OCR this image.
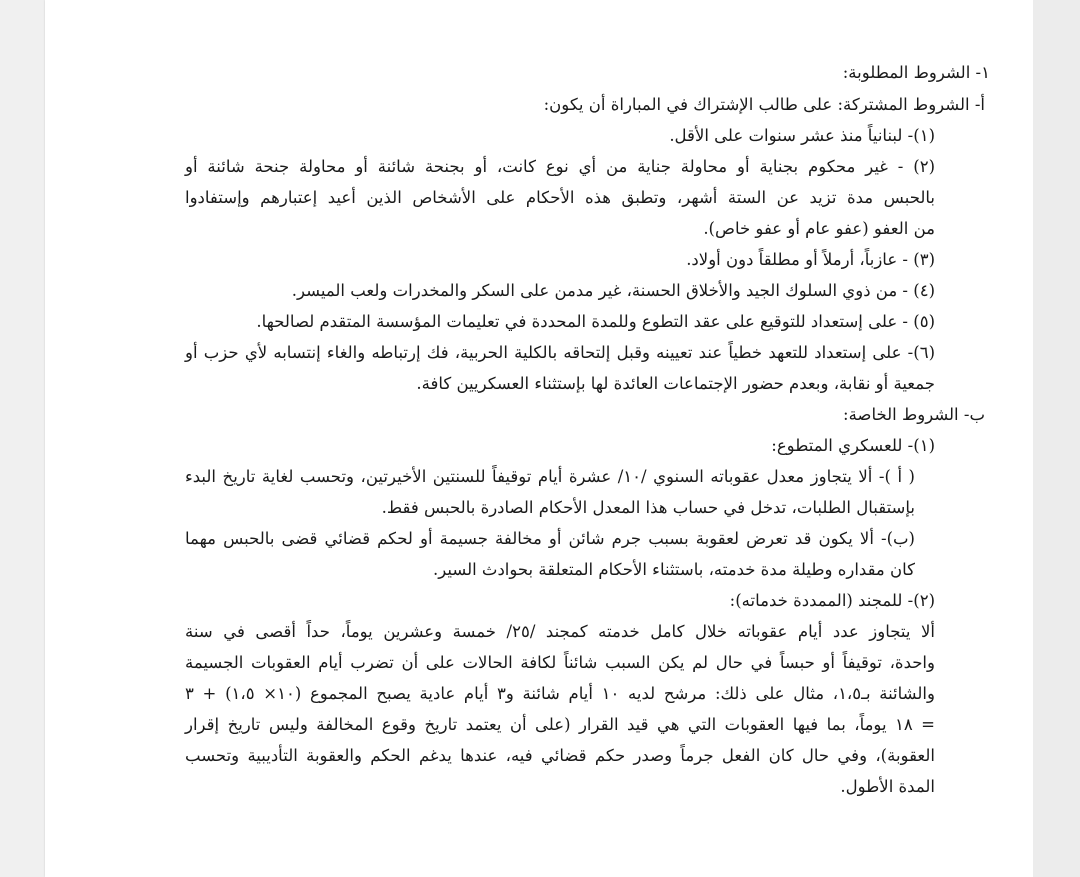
١- الشروط المطلوبة:
أ- الشروط المشتركة: على طالب الإشتراك في المباراة أن يكون:
(١)- لبنانياً منذ عشر سنوات على الأقل.
(٢) - غير محكوم بجناية أو محاولة جناية من أي نوع كانت، أو بجنحة شائنة أو محاولة جنحة شائنة أو
بالحبس مدة تزيد عن الستة أشهر، وتطبق هذه الأحكام على الأشخاص الذين أعيد إعتبارهم وإستفادوا
من العفو (عفو عام أو عفو خاص).
(٣) - عازباً، أرملاً أو مطلقاً دون أولاد.
(٤) - من ذوي السلوك الجيد والأخلاق الحسنة، غير مدمن على السكر والمخدرات ولعب الميسر.
(٥) - على إستعداد للتوقيع على عقد التطوع وللمدة المحددة في تعليمات المؤسسة المتقدم لصالحها.
(٦)- على إستعداد للتعهد خطياً عند تعيينه وقبل إلتحاقه بالكلية الحربية، فك إرتباطه والغاء إنتسابه لأي حزب أو
جمعية أو نقابة، وبعدم حضور الإجتماعات العائدة لها بإستثناء العسكريين كافة.
ب- الشروط الخاصة:
(١)- للعسكري المتطوع:
( أ )- ألا يتجاوز معدل عقوباته السنوي /١٠/ عشرة أيام توقيفاً للسنتين الأخيرتين، وتحسب لغاية تاريخ البدء
بإستقبال الطلبات، تدخل في حساب هذا المعدل الأحكام الصادرة بالحبس فقط.
(ب)- ألا يكون قد تعرض لعقوبة بسبب جرم شائن أو مخالفة جسيمة أو لحكم قضائي قضى بالحبس مهما
كان مقداره وطيلة مدة خدمته، باستثناء الأحكام المتعلقة بحوادث السير.
(٢)- للمجند (الممددة خدماته):
ألا يتجاوز عدد أيام عقوباته خلال كامل خدمته كمجند /٢٥/ خمسة وعشرين يوماً، حداً أقصى في سنة
واحدة، توقيفاً أو حبساً في حال لم يكن السبب شائناً لكافة الحالات على أن تضرب أيام العقوبات الجسيمة
والشائنة بـ١،٥، مثال على ذلك: مرشح لديه ١٠ أيام شائنة و٣ أيام عادية يصبح المجموع (١٠× ١،٥) + ٣
= ١٨ يوماً، بما فيها العقوبات التي هي قيد القرار (على أن يعتمد تاريخ وقوع المخالفة وليس تاريخ إقرار
العقوبة)، وفي حال كان الفعل جرماً وصدر حكم قضائي فيه، عندها يدغم الحكم والعقوبة التأديبية وتحسب
المدة الأطول.
